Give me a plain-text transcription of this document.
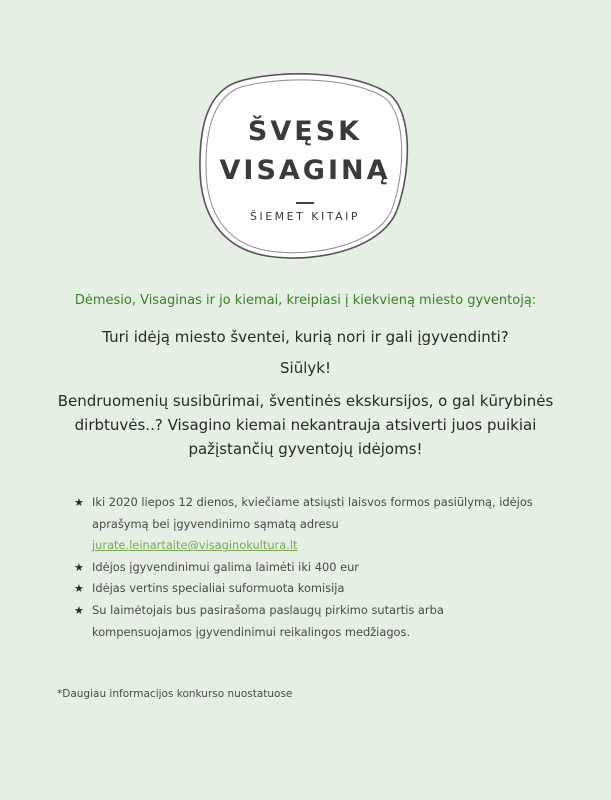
ŠVĘSK
VISAGINĄ
ŠIEMET KITAIP
Dėmesio, Visaginas ir jo kiemai, kreipiasi į kiekvieną miesto gyventoją:
Turi idėją miesto šventei, kurią nori ir gali įgyvendinti?
Siūlyk!
Bendruomenių susibūrimai, šventinės ekskursijos, o gal kūrybinės dirbtuvės..? Visagino kiemai nekantrauja atsiverti juos puikiai pažįstančių gyventojų idėjoms!
★ Iki 2020 liepos 12 dienos, kviečiame atsiųsti laisvos formos pasiūlymą, idėjos aprašymą bei įgyvendinimo sąmatą adresu
jurate.leinartaite@visaginokultura.lt
★ Idėjos įgyvendinimui galima laimėti iki 400 eur
★ Idėjas vertins specialiai suformuota komisija
★ Su laimėtojais bus pasirašoma paslaugų pirkimo sutartis arba kompensuojamos įgyvendinimui reikalingos medžiagos.
*Daugiau informacijos konkurso nuostatuose
